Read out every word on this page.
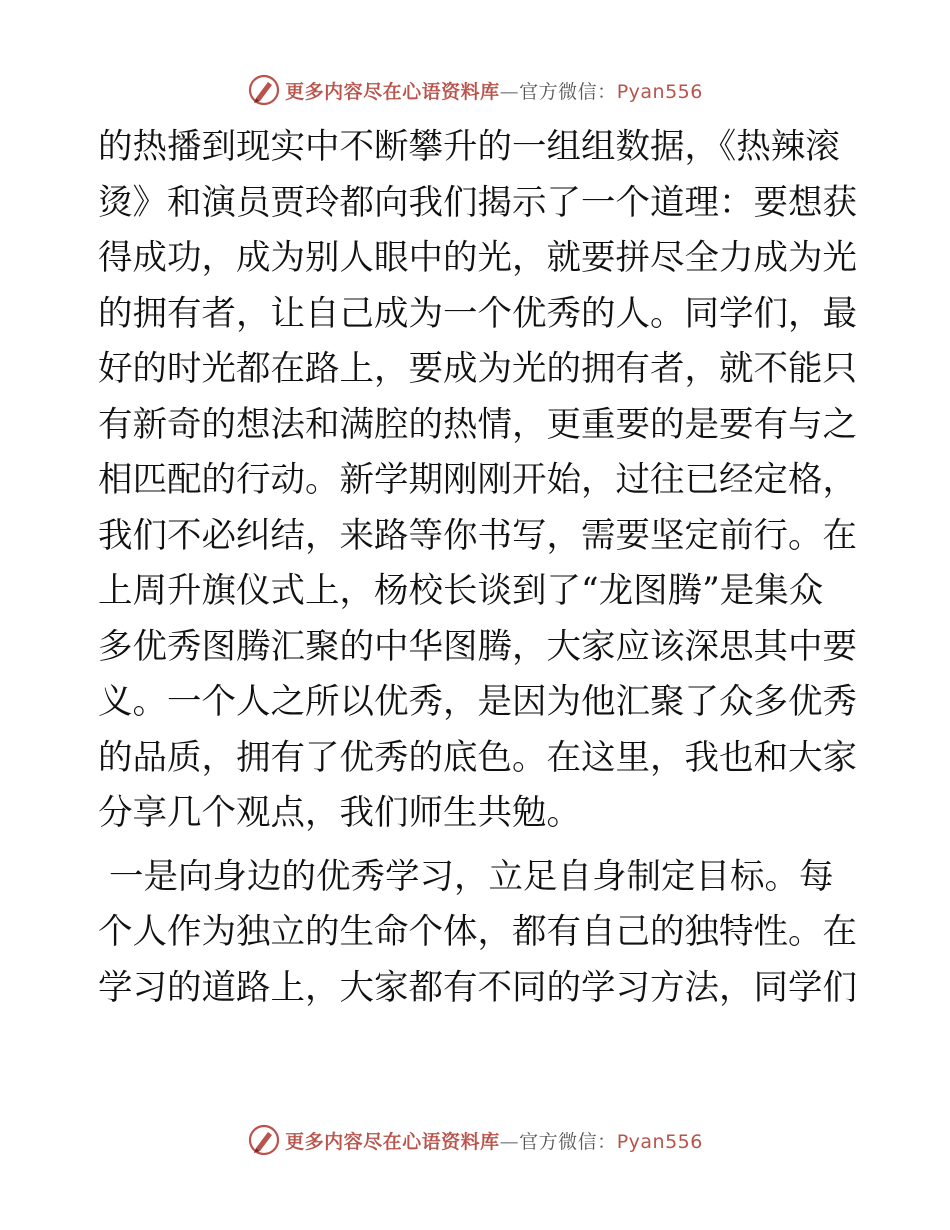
更多内容尽在心语资料库—官方微信：Pyan556

的热播到现实中不断攀升的一组组数据，《热辣滚
烫》和演员贾玲都向我们揭示了一个道理：要想获
得成功，成为别人眼中的光，就要拼尽全力成为光
的拥有者，让自己成为一个优秀的人。同学们，最
好的时光都在路上，要成为光的拥有者，就不能只
有新奇的想法和满腔的热情，更重要的是要有与之
相匹配的行动。新学期刚刚开始，过往已经定格，
我们不必纠结，来路等你书写，需要坚定前行。在
上周升旗仪式上，杨校长谈到了“龙图腾”是集众
多优秀图腾汇聚的中华图腾，大家应该深思其中要
义。一个人之所以优秀，是因为他汇聚了众多优秀
的品质，拥有了优秀的底色。在这里，我也和大家
分享几个观点，我们师生共勉。

一是向身边的优秀学习，立足自身制定目标。每
个人作为独立的生命个体，都有自己的独特性。在
学习的道路上，大家都有不同的学习方法，同学们

更多内容尽在心语资料库—官方微信：Pyan556
